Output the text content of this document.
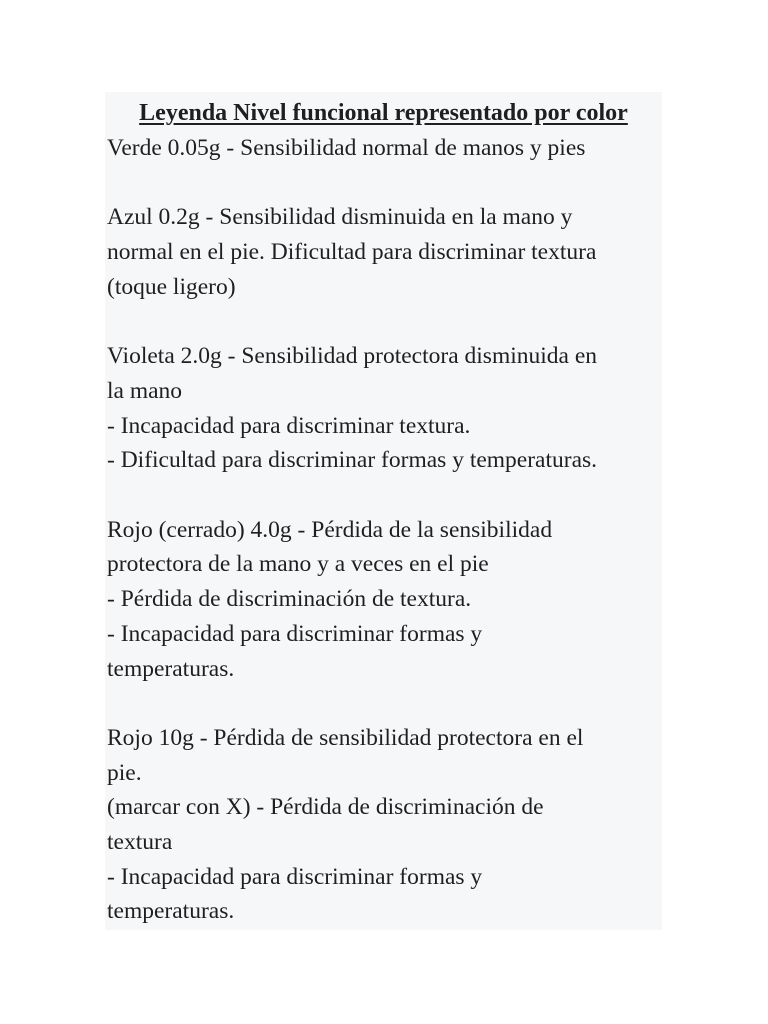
Leyenda Nivel funcional representado por color

Verde 0.05g - Sensibilidad normal de manos y pies

Azul 0.2g - Sensibilidad disminuida en la mano y

normal en el pie. Dificultad para discriminar textura

(toque ligero)

Violeta 2.0g - Sensibilidad protectora disminuida en

la mano

- Incapacidad para discriminar textura.

- Dificultad para discriminar formas y temperaturas.

Rojo (cerrado) 4.0g - Pérdida de la sensibilidad

protectora de la mano y a veces en el pie

- Pérdida de discriminación de textura.

- Incapacidad para discriminar formas y

temperaturas.

Rojo 10g - Pérdida de sensibilidad protectora en el

pie.

(marcar con X) - Pérdida de discriminación de

textura

- Incapacidad para discriminar formas y

temperaturas.
